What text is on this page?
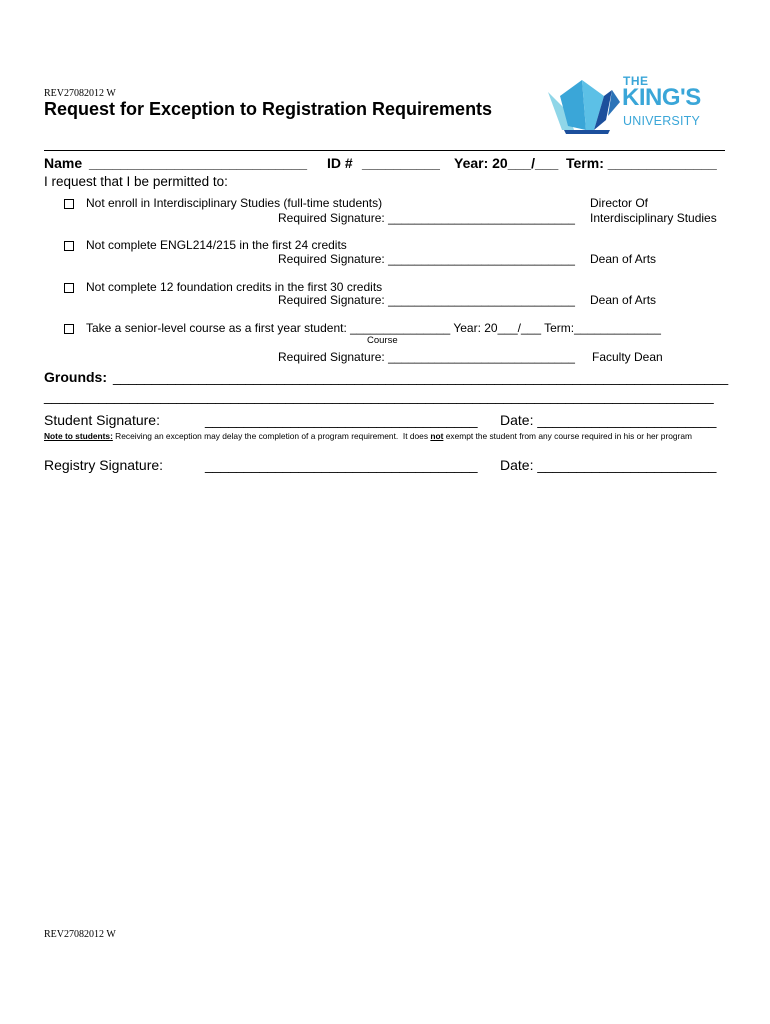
REV27082012 W
Request for Exception to Registration Requirements

THE

KING'S

UNIVERSITY

Name ____________________________ ID # __________ Year: 20___/___ Term: ______________
I request that I be permitted to:
Not enroll in Interdisciplinary Studies (full-time students)
Required Signature: ____________________________
Director Of
Interdisciplinary Studies
Not complete ENGL214/215 in the first 24 credits
Required Signature: ____________________________ Dean of Arts
Not complete 12 foundation credits in the first 30 credits
Required Signature: ____________________________ Dean of Arts
Take a senior-level course as a first year student: _______________ Year: 20___/___ Term:_____________
Course
Required Signature: ____________________________ Faculty Dean
Grounds: _______________________________________________________________________________
______________________________________________________________________________________
Student Signature:	___________________________________ Date: _______________________
Note to students: Receiving an exception may delay the completion of a program requirement.  It does not exempt the student from any course required in his or her program
Registry Signature:	___________________________________ Date: _______________________
REV27082012 W
